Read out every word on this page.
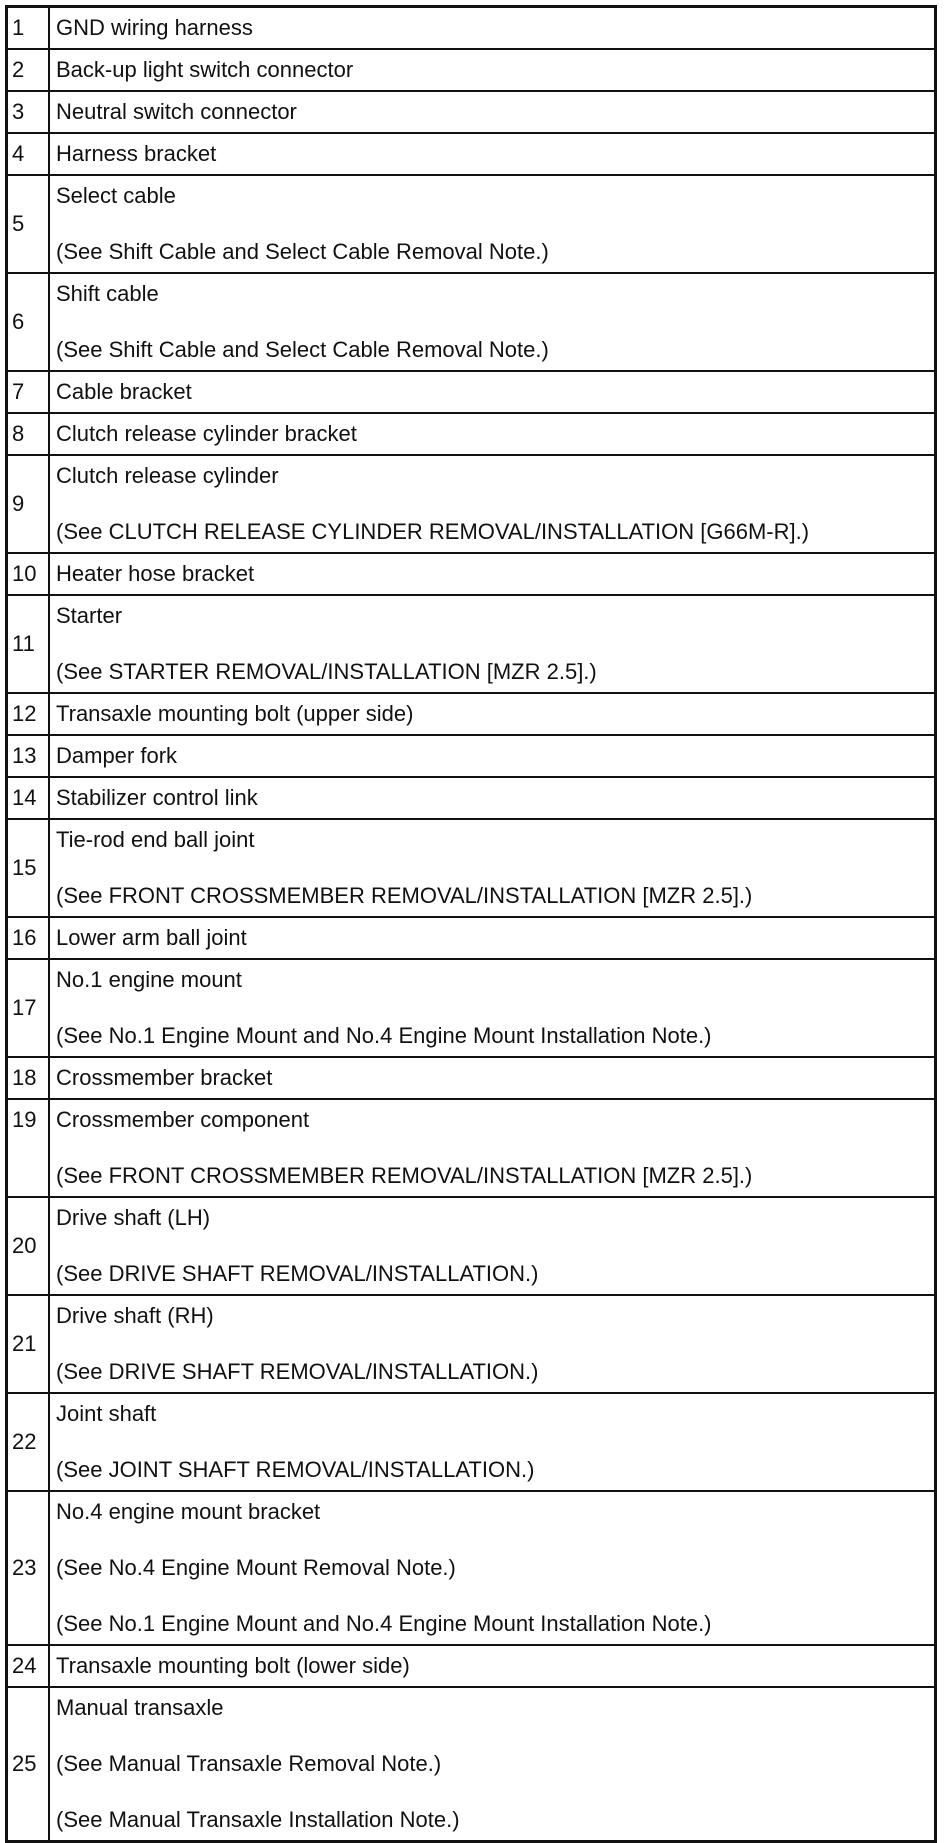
1	GND wiring harness

2	Back-up light switch connector

3	Neutral switch connector

4	Harness bracket

5	Select cable
(See Shift Cable and Select Cable Removal Note.)

6	Shift cable
(See Shift Cable and Select Cable Removal Note.)

7	Cable bracket

8	Clutch release cylinder bracket

9	Clutch release cylinder
(See CLUTCH RELEASE CYLINDER REMOVAL/INSTALLATION [G66M-R].)

10	Heater hose bracket

11	Starter
(See STARTER REMOVAL/INSTALLATION [MZR 2.5].)

12	Transaxle mounting bolt (upper side)

13	Damper fork

14	Stabilizer control link

15	Tie-rod end ball joint
(See FRONT CROSSMEMBER REMOVAL/INSTALLATION [MZR 2.5].)

16	Lower arm ball joint

17	No.1 engine mount
(See No.1 Engine Mount and No.4 Engine Mount Installation Note.)

18	Crossmember bracket

19	Crossmember component
(See FRONT CROSSMEMBER REMOVAL/INSTALLATION [MZR 2.5].)

20	Drive shaft (LH)
(See DRIVE SHAFT REMOVAL/INSTALLATION.)

21	Drive shaft (RH)
(See DRIVE SHAFT REMOVAL/INSTALLATION.)

22	Joint shaft
(See JOINT SHAFT REMOVAL/INSTALLATION.)

23	No.4 engine mount bracket
(See No.4 Engine Mount Removal Note.)
(See No.1 Engine Mount and No.4 Engine Mount Installation Note.)

24	Transaxle mounting bolt (lower side)

25	Manual transaxle
(See Manual Transaxle Removal Note.)
(See Manual Transaxle Installation Note.)
